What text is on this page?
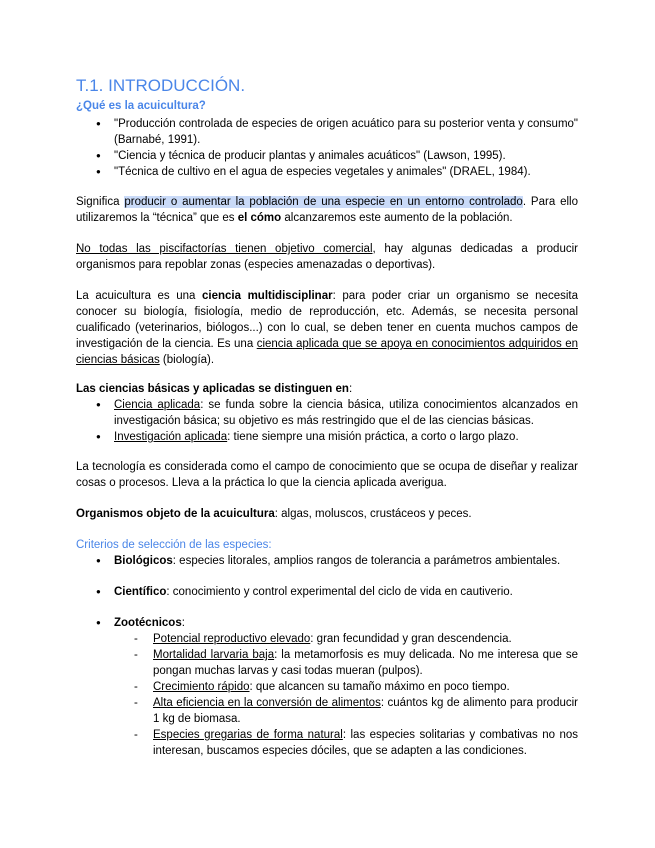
T.1. INTRODUCCIÓN.
¿Qué es la acuicultura?
● "Producción controlada de especies de origen acuático para su posterior venta y consumo" (Barnabé, 1991).
● "Ciencia y técnica de producir plantas y animales acuáticos" (Lawson, 1995).
● "Técnica de cultivo en el agua de especies vegetales y animales" (DRAEL, 1984).
Significa producir o aumentar la población de una especie en un entorno controlado. Para ello utilizaremos la “técnica” que es el cómo alcanzaremos este aumento de la población.
No todas las piscifactorías tienen objetivo comercial, hay algunas dedicadas a producir organismos para repoblar zonas (especies amenazadas o deportivas).
La acuicultura es una ciencia multidisciplinar: para poder criar un organismo se necesita conocer su biología, fisiología, medio de reproducción, etc. Además, se necesita personal cualificado (veterinarios, biólogos...) con lo cual, se deben tener en cuenta muchos campos de investigación de la ciencia. Es una ciencia aplicada que se apoya en conocimientos adquiridos en ciencias básicas (biología).
Las ciencias básicas y aplicadas se distinguen en:
● Ciencia aplicada: se funda sobre la ciencia básica, utiliza conocimientos alcanzados en investigación básica; su objetivo es más restringido que el de las ciencias básicas.
● Investigación aplicada: tiene siempre una misión práctica, a corto o largo plazo.
La tecnología es considerada como el campo de conocimiento que se ocupa de diseñar y realizar cosas o procesos. Lleva a la práctica lo que la ciencia aplicada averigua.
Organismos objeto de la acuicultura: algas, moluscos, crustáceos y peces.
Criterios de selección de las especies:
● Biológicos: especies litorales, amplios rangos de tolerancia a parámetros ambientales.
● Científico: conocimiento y control experimental del ciclo de vida en cautiverio.
● Zootécnicos:
- Potencial reproductivo elevado: gran fecundidad y gran descendencia.
- Mortalidad larvaria baja: la metamorfosis es muy delicada. No me interesa que se pongan muchas larvas y casi todas mueran (pulpos).
- Crecimiento rápido: que alcancen su tamaño máximo en poco tiempo.
- Alta eficiencia en la conversión de alimentos: cuántos kg de alimento para producir 1 kg de biomasa.
- Especies gregarias de forma natural: las especies solitarias y combativas no nos interesan, buscamos especies dóciles, que se adapten a las condiciones.
